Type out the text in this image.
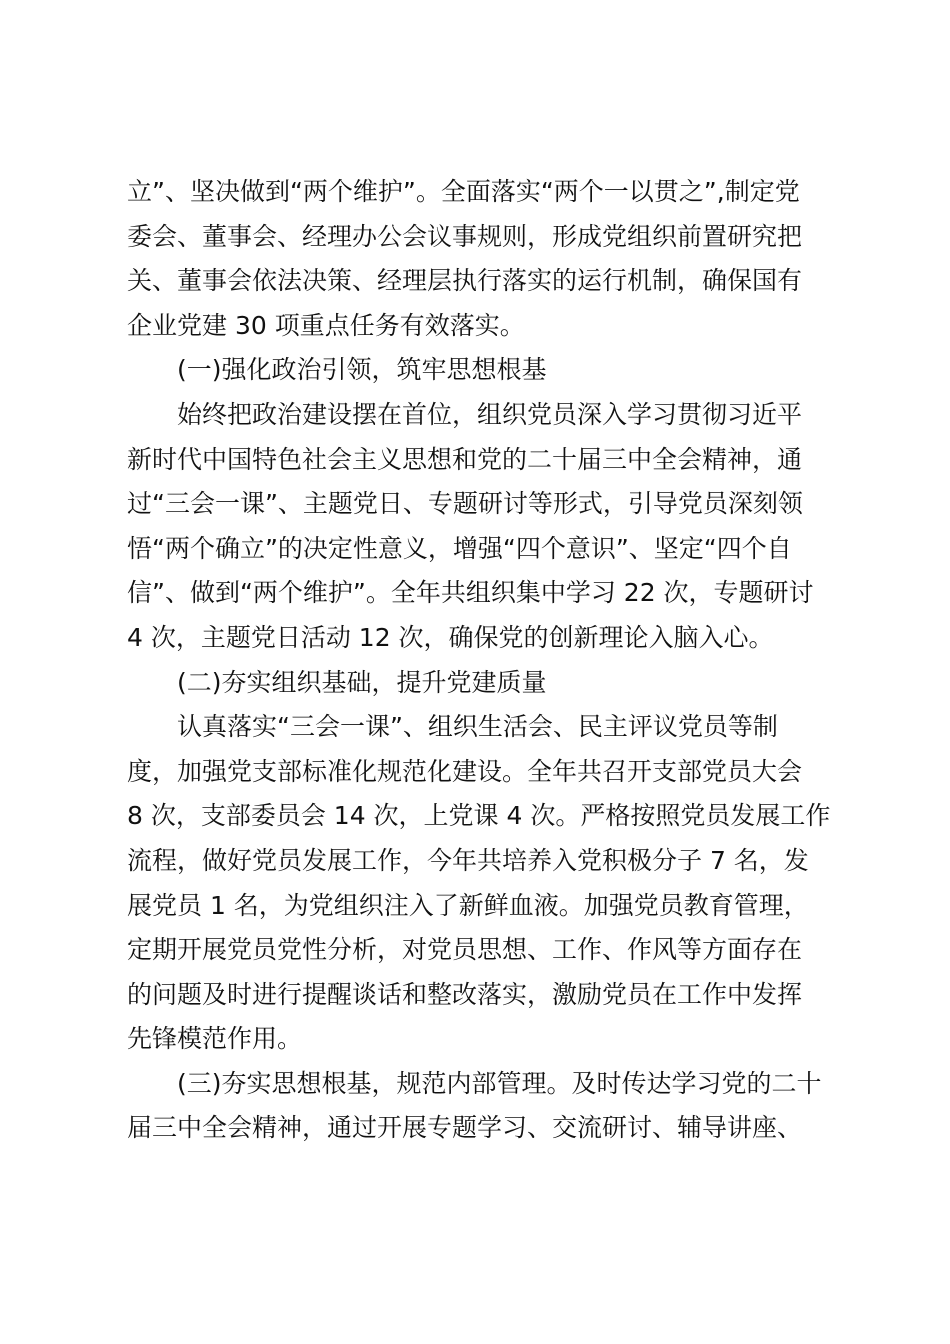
立”、坚决做到“两个维护”。全面落实“两个一以贯之”,制定党
委会、董事会、经理办公会议事规则，形成党组织前置研究把
关、董事会依法决策、经理层执行落实的运行机制，确保国有
企业党建 30 项重点任务有效落实。
(一)强化政治引领，筑牢思想根基
始终把政治建设摆在首位，组织党员深入学习贯彻习近平
新时代中国特色社会主义思想和党的二十届三中全会精神，通
过“三会一课”、主题党日、专题研讨等形式，引导党员深刻领
悟“两个确立”的决定性意义，增强“四个意识”、坚定“四个自
信”、做到“两个维护”。全年共组织集中学习 22 次，专题研讨
4 次，主题党日活动 12 次，确保党的创新理论入脑入心。
(二)夯实组织基础，提升党建质量
认真落实“三会一课”、组织生活会、民主评议党员等制
度，加强党支部标准化规范化建设。全年共召开支部党员大会
8 次，支部委员会 14 次，上党课 4 次。严格按照党员发展工作
流程，做好党员发展工作，今年共培养入党积极分子 7 名，发
展党员 1 名，为党组织注入了新鲜血液。加强党员教育管理，
定期开展党员党性分析，对党员思想、工作、作风等方面存在
的问题及时进行提醒谈话和整改落实，激励党员在工作中发挥
先锋模范作用。
(三)夯实思想根基，规范内部管理。及时传达学习党的二十
届三中全会精神，通过开展专题学习、交流研讨、辅导讲座、
